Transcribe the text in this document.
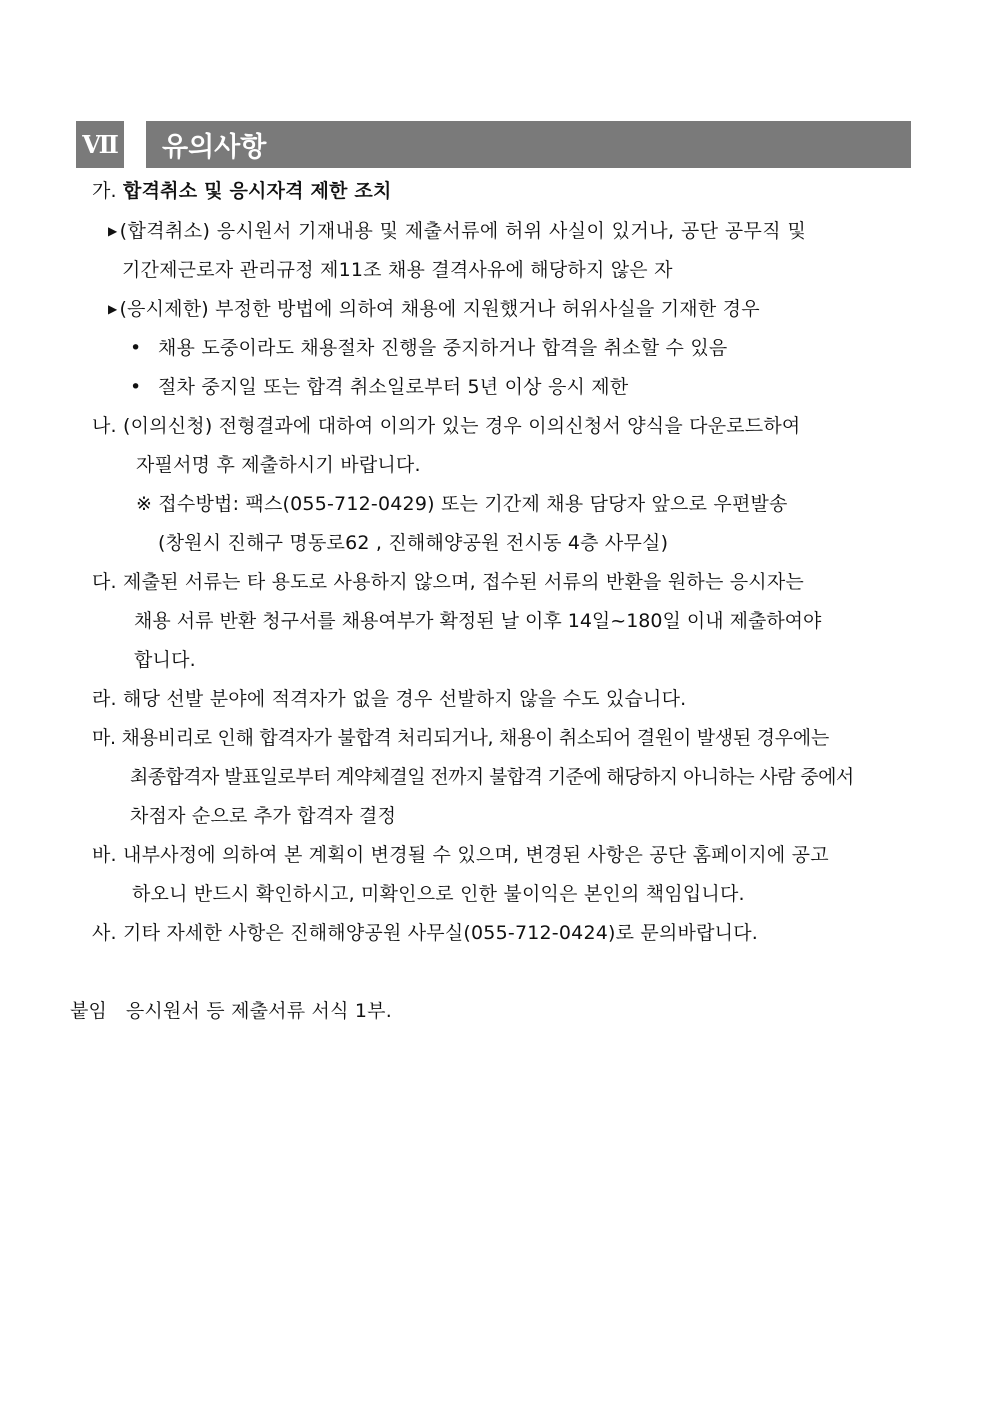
Ⅶ	유의사항
가. 합격취소 및 응시자격 제한 조치
▶ (합격취소) 응시원서 기재내용 및 제출서류에 허위 사실이 있거나, 공단 공무직 및
기간제근로자 관리규정 제11조 채용 결격사유에 해당하지 않은 자
▶ (응시제한) 부정한 방법에 의하여 채용에 지원했거나 허위사실을 기재한 경우
• 채용 도중이라도 채용절차 진행을 중지하거나 합격을 취소할 수 있음
• 절차 중지일 또는 합격 취소일로부터 5년 이상 응시 제한
나. (이의신청) 전형결과에 대하여 이의가 있는 경우 이의신청서 양식을 다운로드하여
자필서명 후 제출하시기 바랍니다.
※ 접수방법: 팩스(055-712-0429) 또는 기간제 채용 담당자 앞으로 우편발송
(창원시 진해구 명동로62 , 진해해양공원 전시동 4층 사무실)
다. 제출된 서류는 타 용도로 사용하지 않으며, 접수된 서류의 반환을 원하는 응시자는
채용 서류 반환 청구서를 채용여부가 확정된 날 이후 14일~180일 이내 제출하여야
합니다.
라. 해당 선발 분야에 적격자가 없을 경우 선발하지 않을 수도 있습니다.
마. 채용비리로 인해 합격자가 불합격 처리되거나, 채용이 취소되어 결원이 발생된 경우에는
최종합격자 발표일로부터 계약체결일 전까지 불합격 기준에 해당하지 아니하는 사람 중에서
차점자 순으로 추가 합격자 결정
바. 내부사정에 의하여 본 계획이 변경될 수 있으며, 변경된 사항은 공단 홈페이지에 공고
하오니 반드시 확인하시고, 미확인으로 인한 불이익은 본인의 책임입니다.
사. 기타 자세한 사항은 진해해양공원 사무실(055-712-0424)로 문의바랍니다.
붙임   응시원서 등 제출서류 서식 1부.
